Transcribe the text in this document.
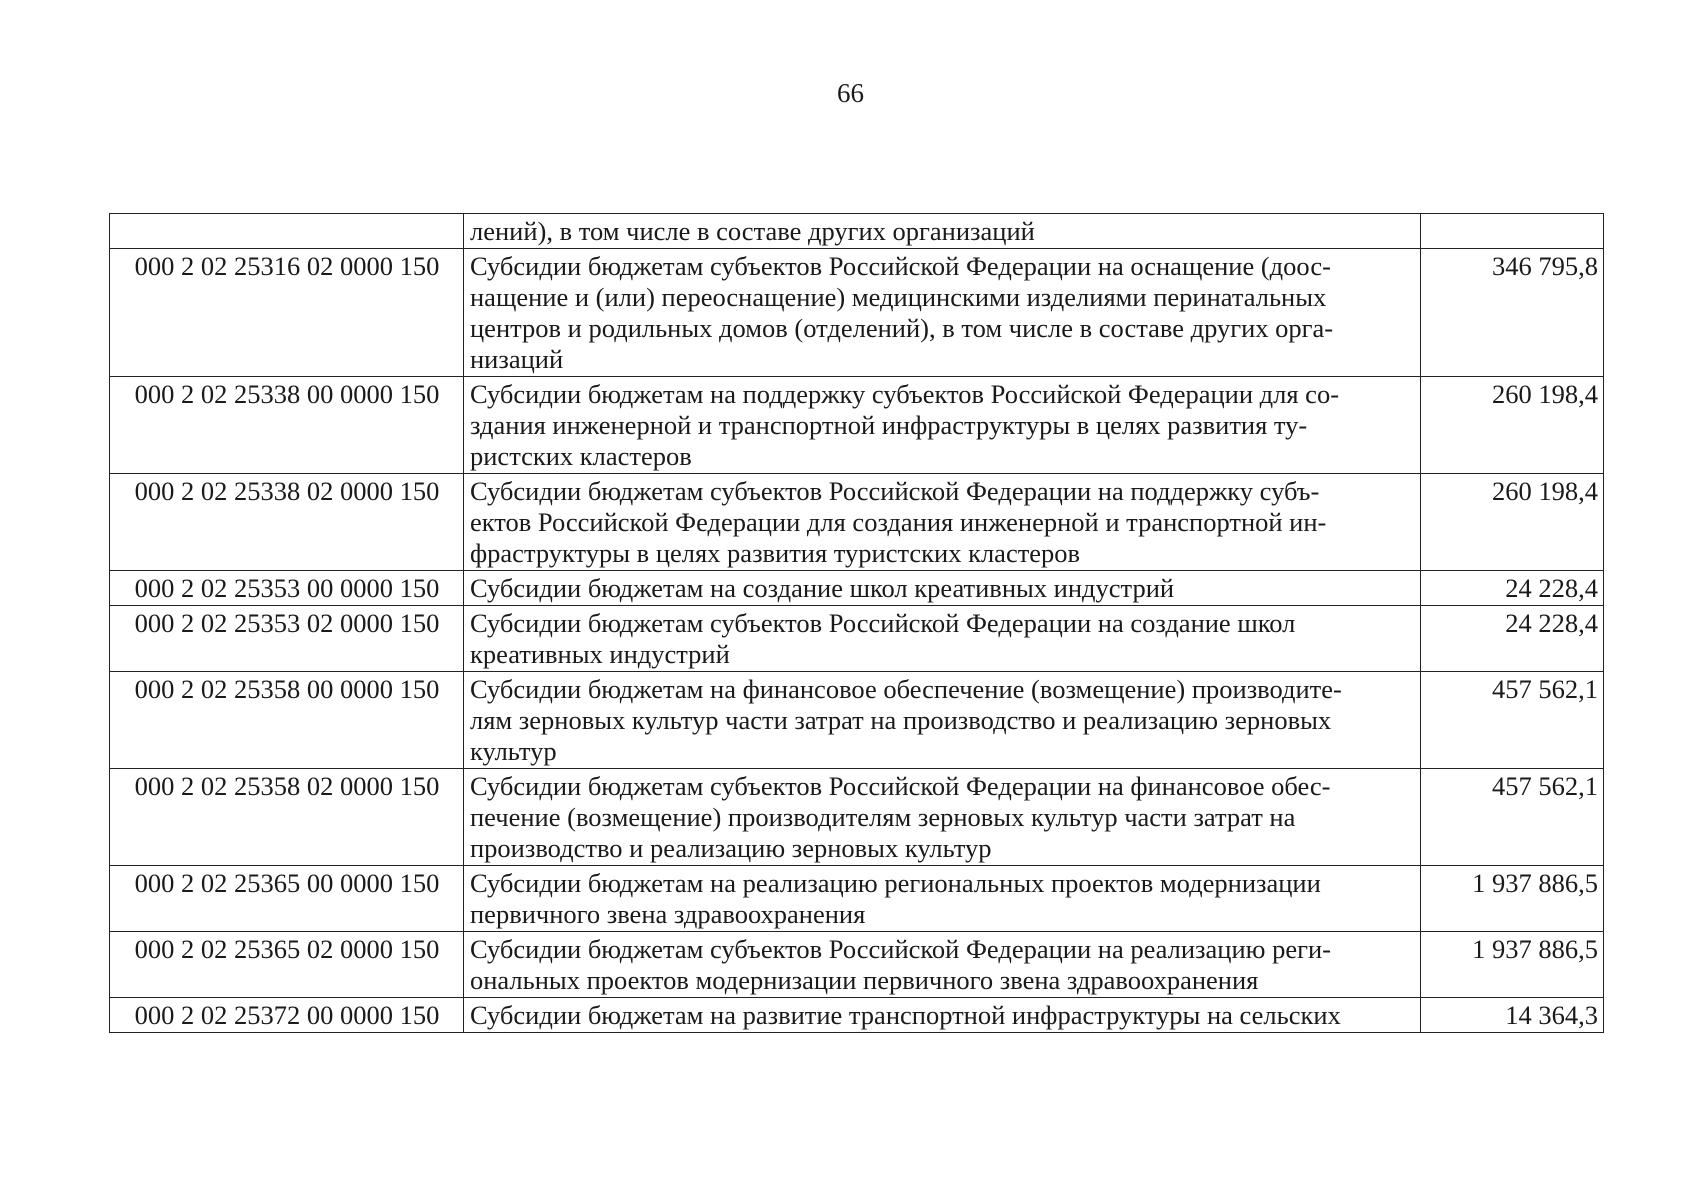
66
	лений), в том числе в составе других организаций	
000 2 02 25316 02 0000 150	Субсидии бюджетам субъектов Российской Федерации на оснащение (доос-
нащение и (или) переоснащение) медицинскими изделиями перинатальных
центров и родильных домов (отделений), в том числе в составе других орга-
низаций	346 795,8
000 2 02 25338 00 0000 150	Субсидии бюджетам на поддержку субъектов Российской Федерации для со-
здания инженерной и транспортной инфраструктуры в целях развития ту-
ристских кластеров	260 198,4
000 2 02 25338 02 0000 150	Субсидии бюджетам субъектов Российской Федерации на поддержку субъ-
ектов Российской Федерации для создания инженерной и транспортной ин-
фраструктуры в целях развития туристских кластеров	260 198,4
000 2 02 25353 00 0000 150	Субсидии бюджетам на создание школ креативных индустрий	24 228,4
000 2 02 25353 02 0000 150	Субсидии бюджетам субъектов Российской Федерации на создание школ
креативных индустрий	24 228,4
000 2 02 25358 00 0000 150	Субсидии бюджетам на финансовое обеспечение (возмещение) производите-
лям зерновых культур части затрат на производство и реализацию зерновых
культур	457 562,1
000 2 02 25358 02 0000 150	Субсидии бюджетам субъектов Российской Федерации на финансовое обес-
печение (возмещение) производителям зерновых культур части затрат на
производство и реализацию зерновых культур	457 562,1
000 2 02 25365 00 0000 150	Субсидии бюджетам на реализацию региональных проектов модернизации
первичного звена здравоохранения	1 937 886,5
000 2 02 25365 02 0000 150	Субсидии бюджетам субъектов Российской Федерации на реализацию реги-
ональных проектов модернизации первичного звена здравоохранения	1 937 886,5
000 2 02 25372 00 0000 150	Субсидии бюджетам на развитие транспортной инфраструктуры на сельских	14 364,3
